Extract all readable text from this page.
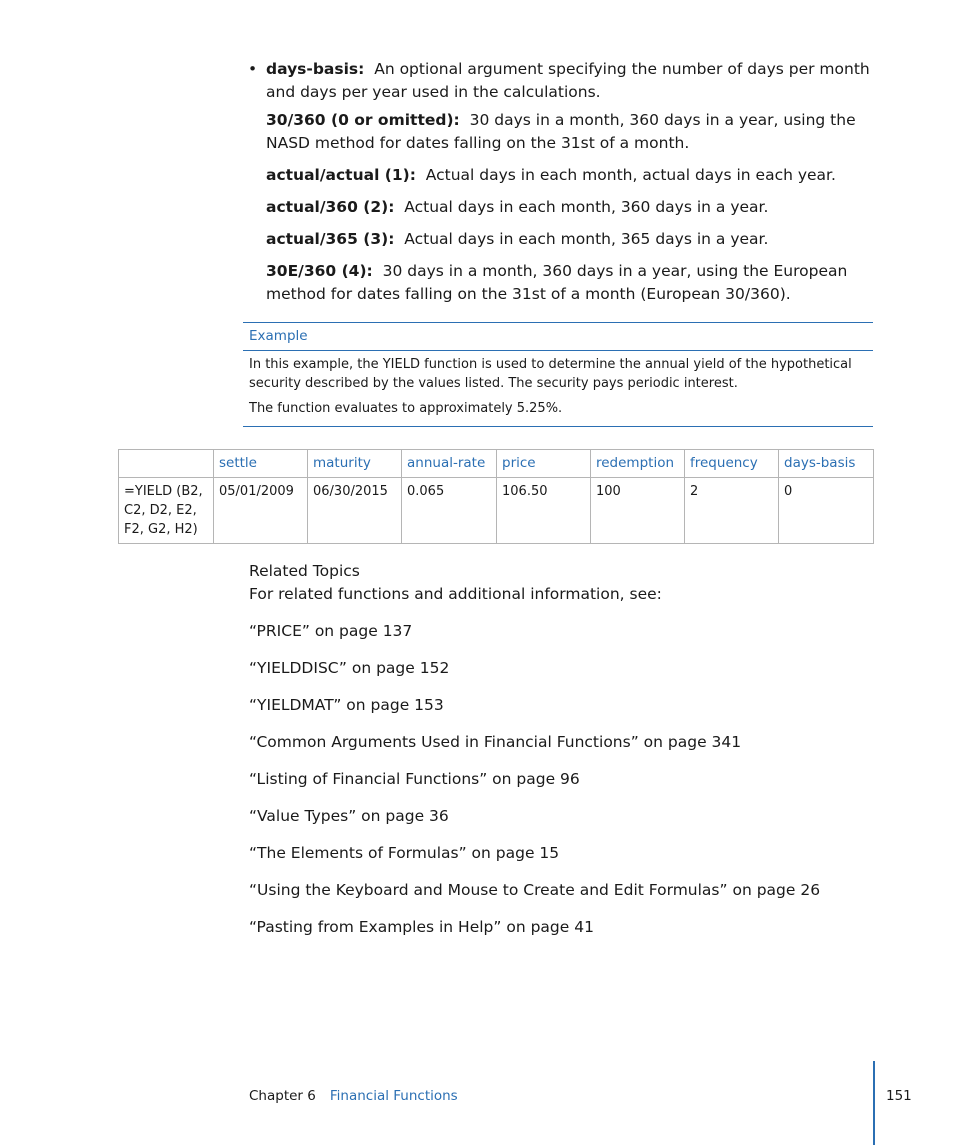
• days-basis: An optional argument specifying the number of days per month and days per year used in the calculations.
30/360 (0 or omitted): 30 days in a month, 360 days in a year, using the NASD method for dates falling on the 31st of a month.
actual/actual (1): Actual days in each month, actual days in each year.
actual/360 (2): Actual days in each month, 360 days in a year.
actual/365 (3): Actual days in each month, 365 days in a year.
30E/360 (4): 30 days in a month, 360 days in a year, using the European method for dates falling on the 31st of a month (European 30/360).
Example

In this example, the YIELD function is used to determine the annual yield of the hypothetical security described by the values listed. The security pays periodic interest.

The function evaluates to approximately 5.25%.

	settle	maturity	annual-rate	price	redemption	frequency	days-basis
=YIELD (B2, C2, D2, E2, F2, G2, H2)	05/01/2009	06/30/2015	0.065	106.50	100	2	0
Related Topics

For related functions and additional information, see:

“PRICE” on page 137
“YIELDDISC” on page 152
“YIELDMAT” on page 153
“Common Arguments Used in Financial Functions” on page 341
“Listing of Financial Functions” on page 96
“Value Types” on page 36
“The Elements of Formulas” on page 15
“Using the Keyboard and Mouse to Create and Edit Formulas” on page 26
“Pasting from Examples in Help” on page 41
Chapter 6 Financial Functions	151
